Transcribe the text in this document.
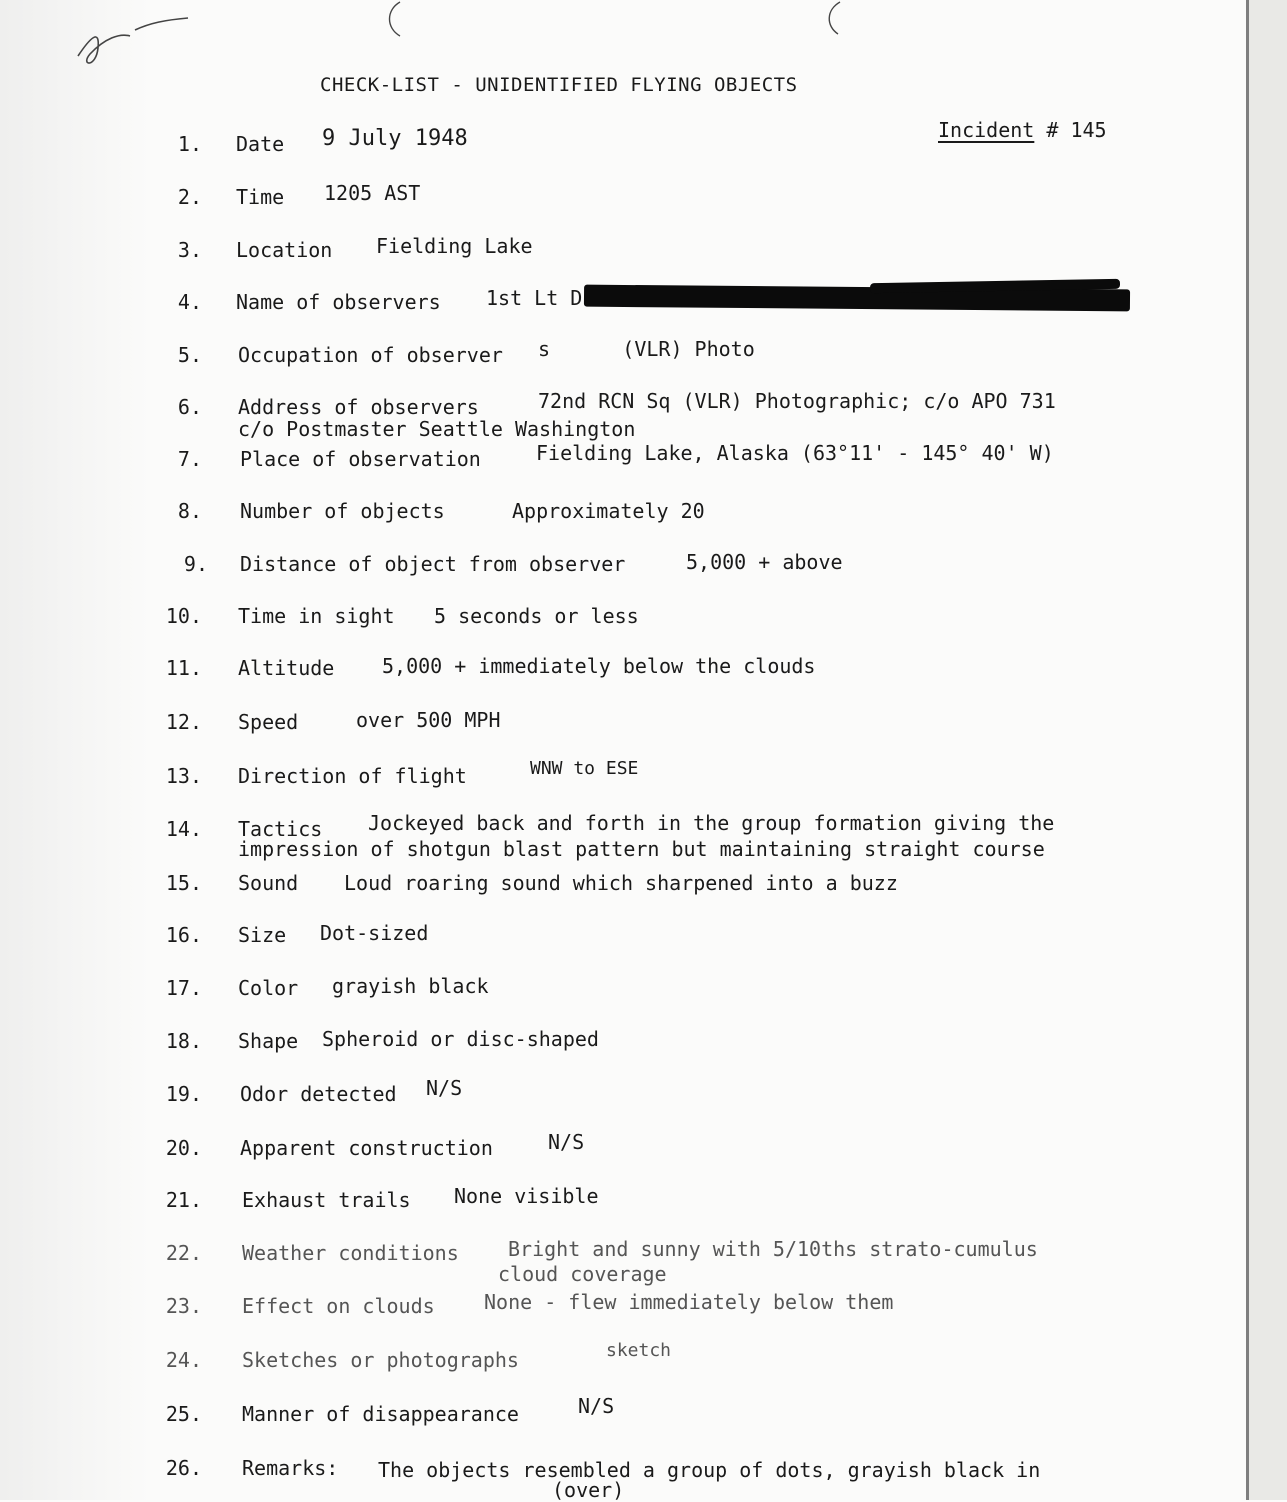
CHECK-LIST - UNIDENTIFIED FLYING OBJECTS
Incident # 145
1. Date 9 July 1948
2. Time 1205 AST
3. Location Fielding Lake
4. Name of observers 1st Lt D
5. Occupation of observer s      (VLR) Photo
6. Address of observers	72nd RCN Sq (VLR) Photographic; c/o APO 731
c/o Postmaster Seattle Washington
7. Place of observation	Fielding Lake, Alaska (63°11' - 145° 40' W)
8. Number of objects	Approximately 20
9. Distance of object from observer	5,000 + above
10. Time in sight 5 seconds or less
11. Altitude 5,000 + immediately below the clouds
12. Speed	over 500 MPH
13. Direction of flight	WNW to ESE
14. Tactics Jockeyed back and forth in the group formation giving the
impression of shotgun blast pattern but maintaining straight course
15. Sound Loud roaring sound which sharpened into a buzz
16. Size Dot-sized
17. Color grayish black
18. Shape Spheroid or disc-shaped
19. Odor detected N/S
20. Apparent construction	N/S
21. Exhaust trails None visible
22. Weather conditions Bright and sunny with 5/10ths strato-cumulus
cloud coverage
23. Effect on clouds None - flew immediately below them
24. Sketches or photographs	sketch
25. Manner of disappearance	N/S
26. Remarks: The objects resembled a group of dots, grayish black in
(over)
